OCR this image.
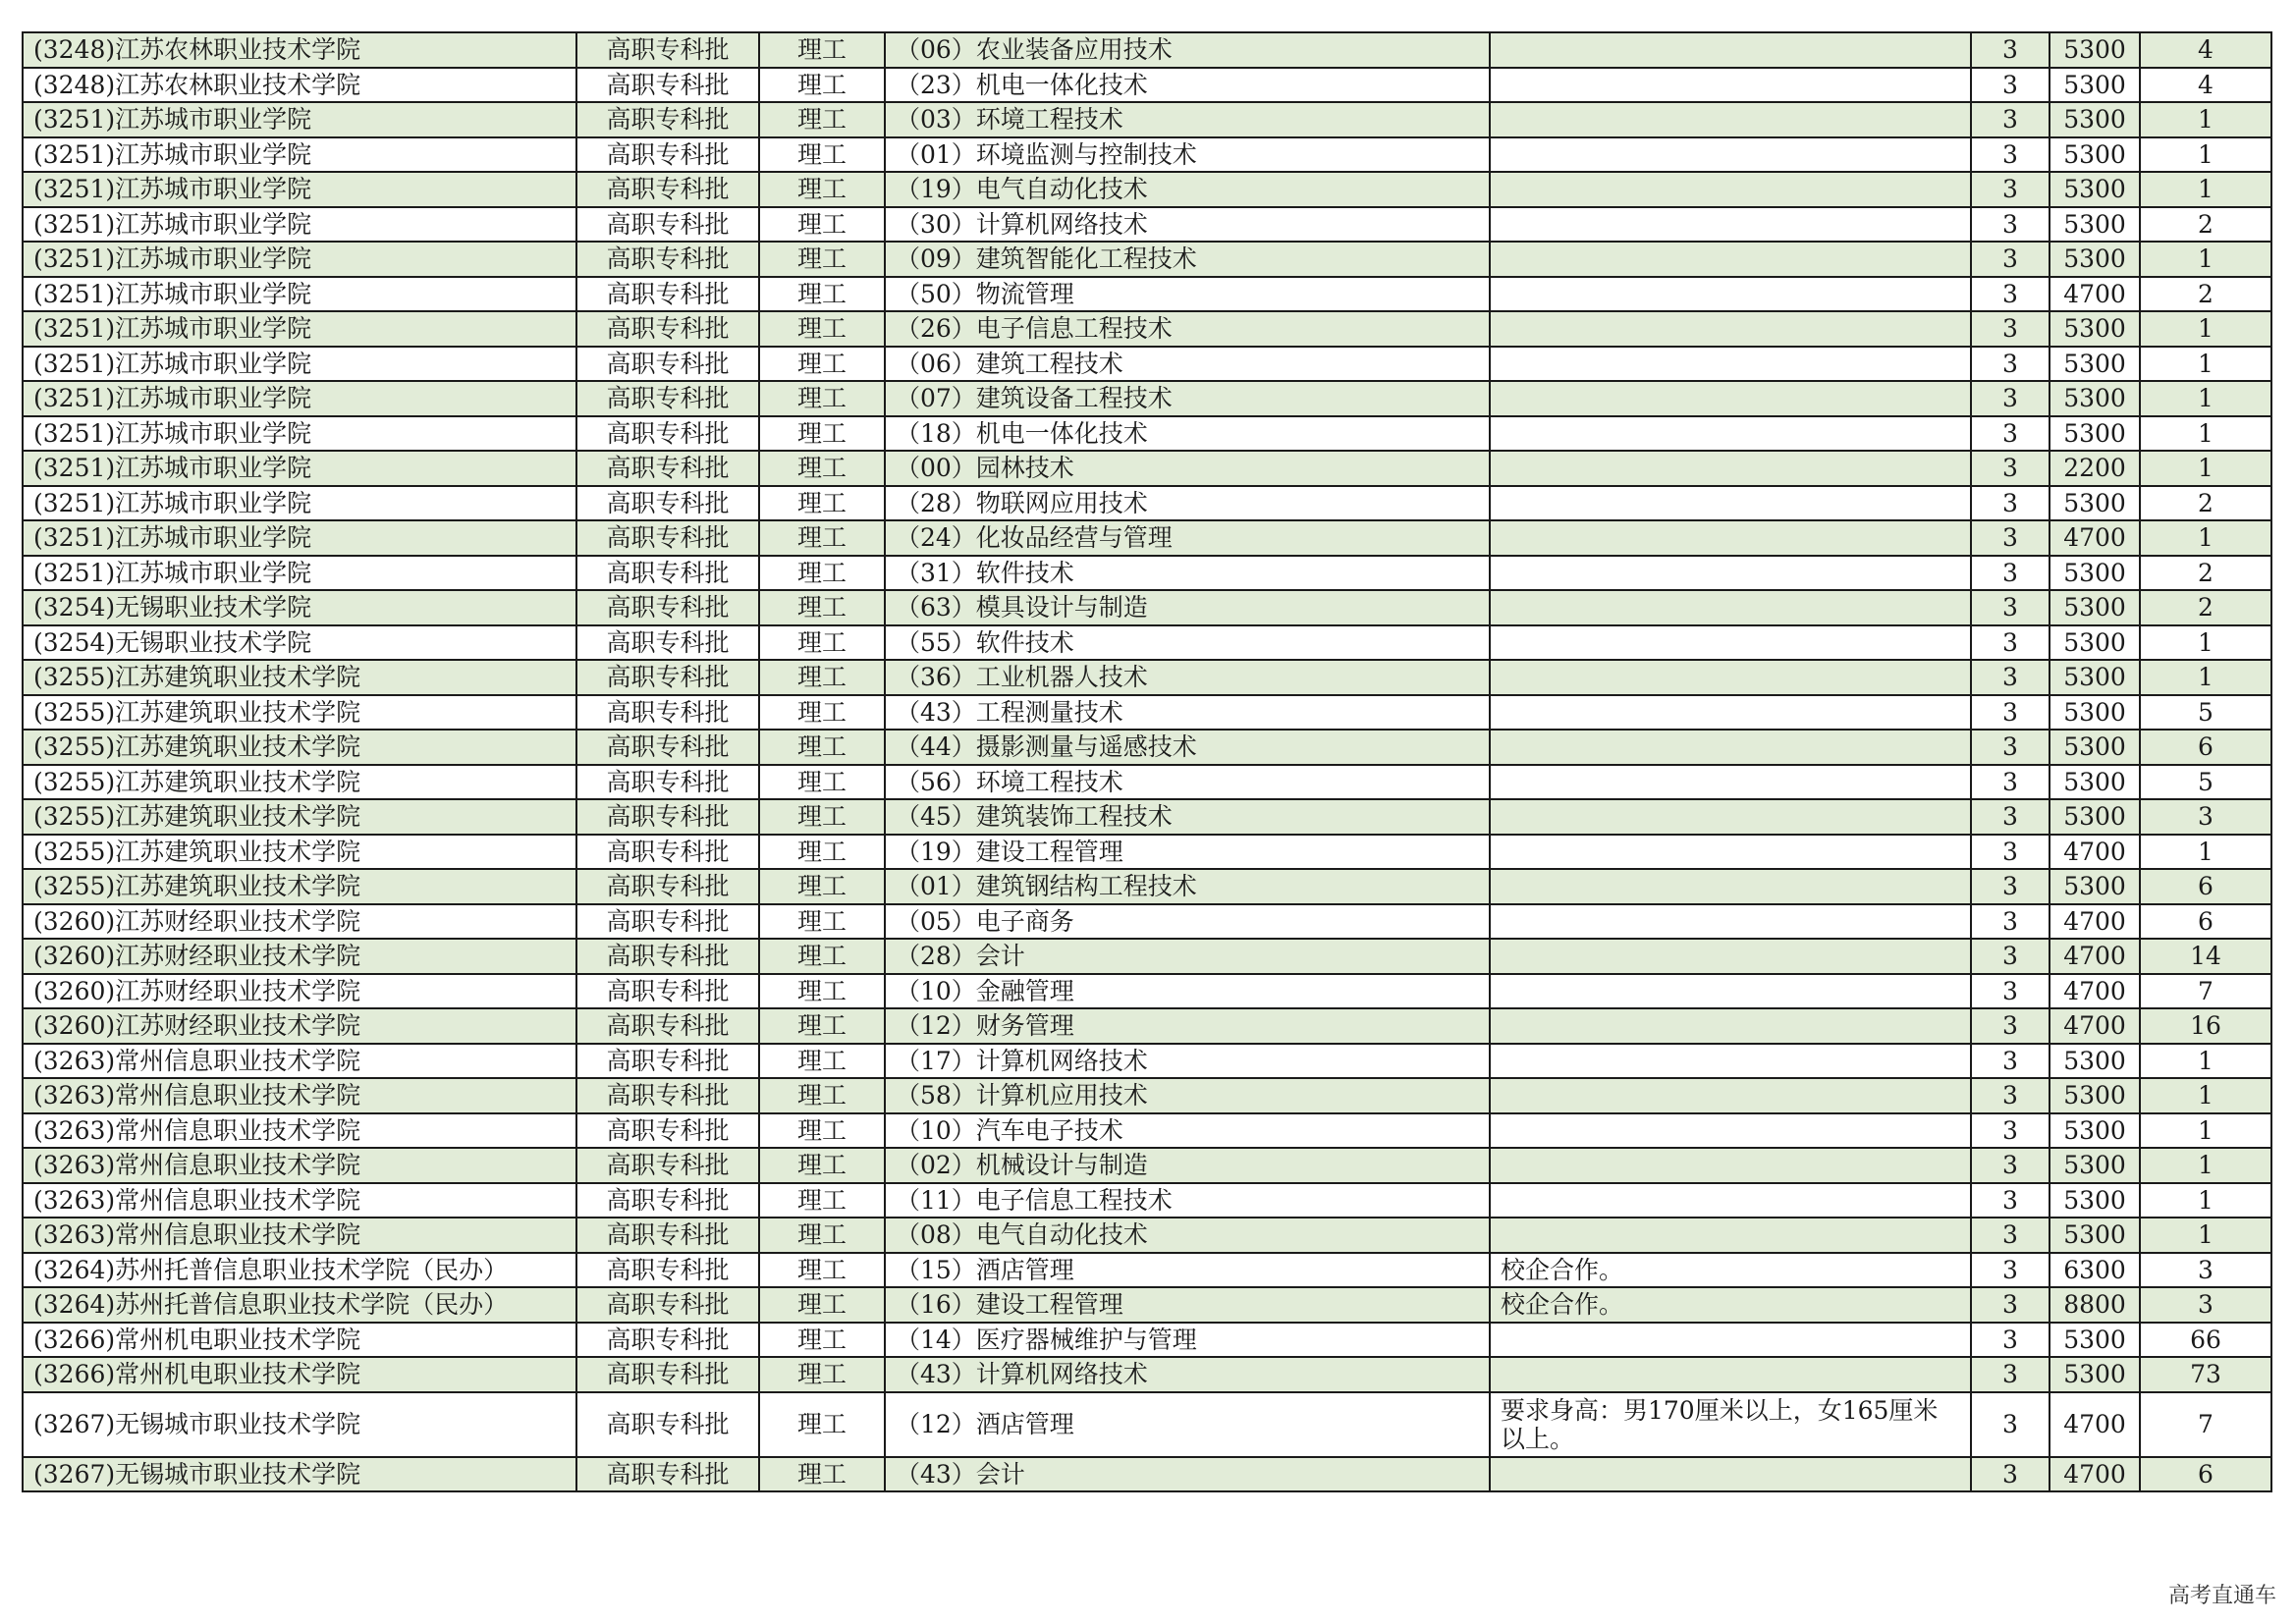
(3248)江苏农林职业技术学院	高职专科批	理工	（06）农业装备应用技术		3	5300	4
(3248)江苏农林职业技术学院	高职专科批	理工	（23）机电一体化技术		3	5300	4
(3251)江苏城市职业学院	高职专科批	理工	（03）环境工程技术		3	5300	1
(3251)江苏城市职业学院	高职专科批	理工	（01）环境监测与控制技术		3	5300	1
(3251)江苏城市职业学院	高职专科批	理工	（19）电气自动化技术		3	5300	1
(3251)江苏城市职业学院	高职专科批	理工	（30）计算机网络技术		3	5300	2
(3251)江苏城市职业学院	高职专科批	理工	（09）建筑智能化工程技术		3	5300	1
(3251)江苏城市职业学院	高职专科批	理工	（50）物流管理		3	4700	2
(3251)江苏城市职业学院	高职专科批	理工	（26）电子信息工程技术		3	5300	1
(3251)江苏城市职业学院	高职专科批	理工	（06）建筑工程技术		3	5300	1
(3251)江苏城市职业学院	高职专科批	理工	（07）建筑设备工程技术		3	5300	1
(3251)江苏城市职业学院	高职专科批	理工	（18）机电一体化技术		3	5300	1
(3251)江苏城市职业学院	高职专科批	理工	（00）园林技术		3	2200	1
(3251)江苏城市职业学院	高职专科批	理工	（28）物联网应用技术		3	5300	2
(3251)江苏城市职业学院	高职专科批	理工	（24）化妆品经营与管理		3	4700	1
(3251)江苏城市职业学院	高职专科批	理工	（31）软件技术		3	5300	2
(3254)无锡职业技术学院	高职专科批	理工	（63）模具设计与制造		3	5300	2
(3254)无锡职业技术学院	高职专科批	理工	（55）软件技术		3	5300	1
(3255)江苏建筑职业技术学院	高职专科批	理工	（36）工业机器人技术		3	5300	1
(3255)江苏建筑职业技术学院	高职专科批	理工	（43）工程测量技术		3	5300	5
(3255)江苏建筑职业技术学院	高职专科批	理工	（44）摄影测量与遥感技术		3	5300	6
(3255)江苏建筑职业技术学院	高职专科批	理工	（56）环境工程技术		3	5300	5
(3255)江苏建筑职业技术学院	高职专科批	理工	（45）建筑装饰工程技术		3	5300	3
(3255)江苏建筑职业技术学院	高职专科批	理工	（19）建设工程管理		3	4700	1
(3255)江苏建筑职业技术学院	高职专科批	理工	（01）建筑钢结构工程技术		3	5300	6
(3260)江苏财经职业技术学院	高职专科批	理工	（05）电子商务		3	4700	6
(3260)江苏财经职业技术学院	高职专科批	理工	（28）会计		3	4700	14
(3260)江苏财经职业技术学院	高职专科批	理工	（10）金融管理		3	4700	7
(3260)江苏财经职业技术学院	高职专科批	理工	（12）财务管理		3	4700	16
(3263)常州信息职业技术学院	高职专科批	理工	（17）计算机网络技术		3	5300	1
(3263)常州信息职业技术学院	高职专科批	理工	（58）计算机应用技术		3	5300	1
(3263)常州信息职业技术学院	高职专科批	理工	（10）汽车电子技术		3	5300	1
(3263)常州信息职业技术学院	高职专科批	理工	（02）机械设计与制造		3	5300	1
(3263)常州信息职业技术学院	高职专科批	理工	（11）电子信息工程技术		3	5300	1
(3263)常州信息职业技术学院	高职专科批	理工	（08）电气自动化技术		3	5300	1
(3264)苏州托普信息职业技术学院（民办）	高职专科批	理工	（15）酒店管理	校企合作。	3	6300	3
(3264)苏州托普信息职业技术学院（民办）	高职专科批	理工	（16）建设工程管理	校企合作。	3	8800	3
(3266)常州机电职业技术学院	高职专科批	理工	（14）医疗器械维护与管理		3	5300	66
(3266)常州机电职业技术学院	高职专科批	理工	（43）计算机网络技术		3	5300	73
(3267)无锡城市职业技术学院	高职专科批	理工	（12）酒店管理	要求身高：男170厘米以上，女165厘米以上。	3	4700	7
(3267)无锡城市职业技术学院	高职专科批	理工	（43）会计		3	4700	6
高考直通车
